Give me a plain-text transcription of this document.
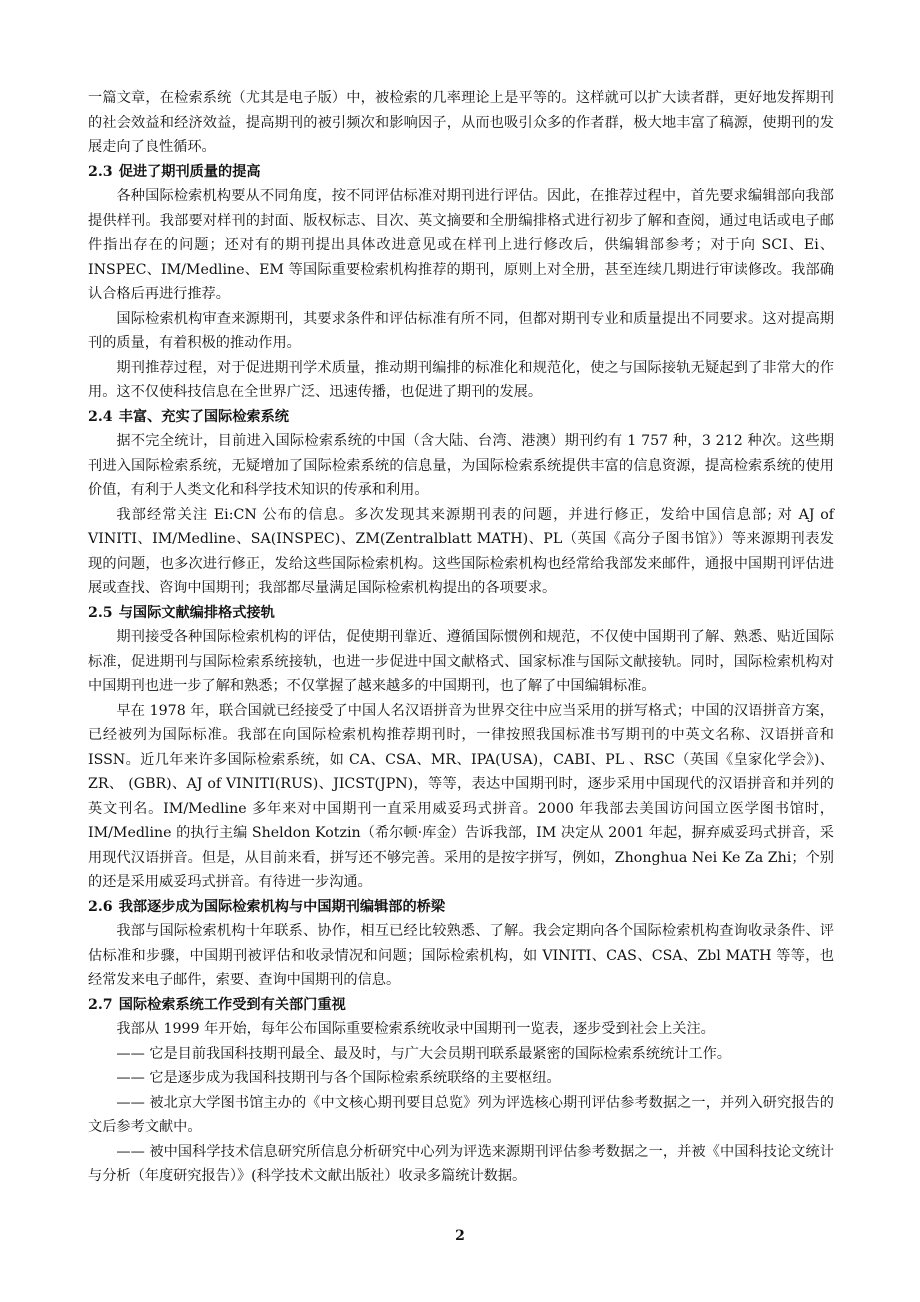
一篇文章，在检索系统（尤其是电子版）中，被检索的几率理论上是平等的。这样就可以扩大读者群，更好地发挥期刊的社会效益和经济效益，提高期刊的被引频次和影响因子，从而也吸引众多的作者群，极大地丰富了稿源，使期刊的发展走向了良性循环。

2.3 促进了期刊质量的提高

各种国际检索机构要从不同角度，按不同评估标准对期刊进行评估。因此，在推荐过程中，首先要求编辑部向我部提供样刊。我部要对样刊的封面、版权标志、目次、英文摘要和全册编排格式进行初步了解和查阅，通过电话或电子邮件指出存在的问题；还对有的期刊提出具体改进意见或在样刊上进行修改后，供编辑部参考；对于向 SCI、Ei、INSPEC、IM/Medline、EM 等国际重要检索机构推荐的期刊，原则上对全册，甚至连续几期进行审读修改。我部确认合格后再进行推荐。

国际检索机构审查来源期刊，其要求条件和评估标准有所不同，但都对期刊专业和质量提出不同要求。这对提高期刊的质量，有着积极的推动作用。

期刊推荐过程，对于促进期刊学术质量，推动期刊编排的标准化和规范化，使之与国际接轨无疑起到了非常大的作用。这不仅使科技信息在全世界广泛、迅速传播，也促进了期刊的发展。

2.4 丰富、充实了国际检索系统

据不完全统计，目前进入国际检索系统的中国（含大陆、台湾、港澳）期刊约有 1 757 种，3 212 种次。这些期刊进入国际检索系统，无疑增加了国际检索系统的信息量，为国际检索系统提供丰富的信息资源，提高检索系统的使用价值，有利于人类文化和科学技术知识的传承和利用。

我部经常关注 Ei:CN 公布的信息。多次发现其来源期刊表的问题，并进行修正，发给中国信息部; 对 AJ of VINITI、IM/Medline、SA(INSPEC)、ZM(Zentralblatt MATH)、PL（英国《高分子图书馆》）等来源期刊表发现的问题，也多次进行修正，发给这些国际检索机构。这些国际检索机构也经常给我部发来邮件，通报中国期刊评估进展或查找、咨询中国期刊；我部都尽量满足国际检索机构提出的各项要求。

2.5 与国际文献编排格式接轨

期刊接受各种国际检索机构的评估，促使期刊靠近、遵循国际惯例和规范，不仅使中国期刊了解、熟悉、贴近国际标准，促进期刊与国际检索系统接轨，也进一步促进中国文献格式、国家标准与国际文献接轨。同时，国际检索机构对中国期刊也进一步了解和熟悉；不仅掌握了越来越多的中国期刊，也了解了中国编辑标准。

早在 1978 年，联合国就已经接受了中国人名汉语拼音为世界交往中应当采用的拼写格式；中国的汉语拼音方案，已经被列为国际标准。我部在向国际检索机构推荐期刊时，一律按照我国标准书写期刊的中英文名称、汉语拼音和 ISSN。近几年来许多国际检索系统，如 CA、CSA、MR、IPA(USA)，CABI、PL 、RSC（英国《皇家化学会》)、ZR、 (GBR)、AJ of VINITI(RUS)、JICST(JPN)，等等，表达中国期刊时，逐步采用中国现代的汉语拼音和并列的英文刊名。IM/Medline 多年来对中国期刊一直采用威妥玛式拼音。2000 年我部去美国访问国立医学图书馆时，IM/Medline 的执行主编 Sheldon Kotzin（希尔顿·库金）告诉我部，IM 决定从 2001 年起，摒弃威妥玛式拼音，采用现代汉语拼音。但是，从目前来看，拼写还不够完善。采用的是按字拼写，例如，Zhonghua Nei Ke Za Zhi；个别的还是采用威妥玛式拼音。有待进一步沟通。

2.6 我部逐步成为国际检索机构与中国期刊编辑部的桥梁

我部与国际检索机构十年联系、协作，相互已经比较熟悉、了解。我会定期向各个国际检索机构查询收录条件、评估标准和步骤，中国期刊被评估和收录情况和问题；国际检索机构，如 VINITI、CAS、CSA、Zbl MATH 等等，也经常发来电子邮件，索要、查询中国期刊的信息。

2.7 国际检索系统工作受到有关部门重视

我部从 1999 年开始，每年公布国际重要检索系统收录中国期刊一览表，逐步受到社会上关注。

—— 它是目前我国科技期刊最全、最及时，与广大会员期刊联系最紧密的国际检索系统统计工作。

—— 它是逐步成为我国科技期刊与各个国际检索系统联络的主要枢纽。

—— 被北京大学图书馆主办的《中文核心期刊要目总览》列为评选核心期刊评估参考数据之一，并列入研究报告的文后参考文献中。

—— 被中国科学技术信息研究所信息分析研究中心列为评选来源期刊评估参考数据之一，并被《中国科技论文统计与分析（年度研究报告）》(科学技术文献出版社）收录多篇统计数据。

2
